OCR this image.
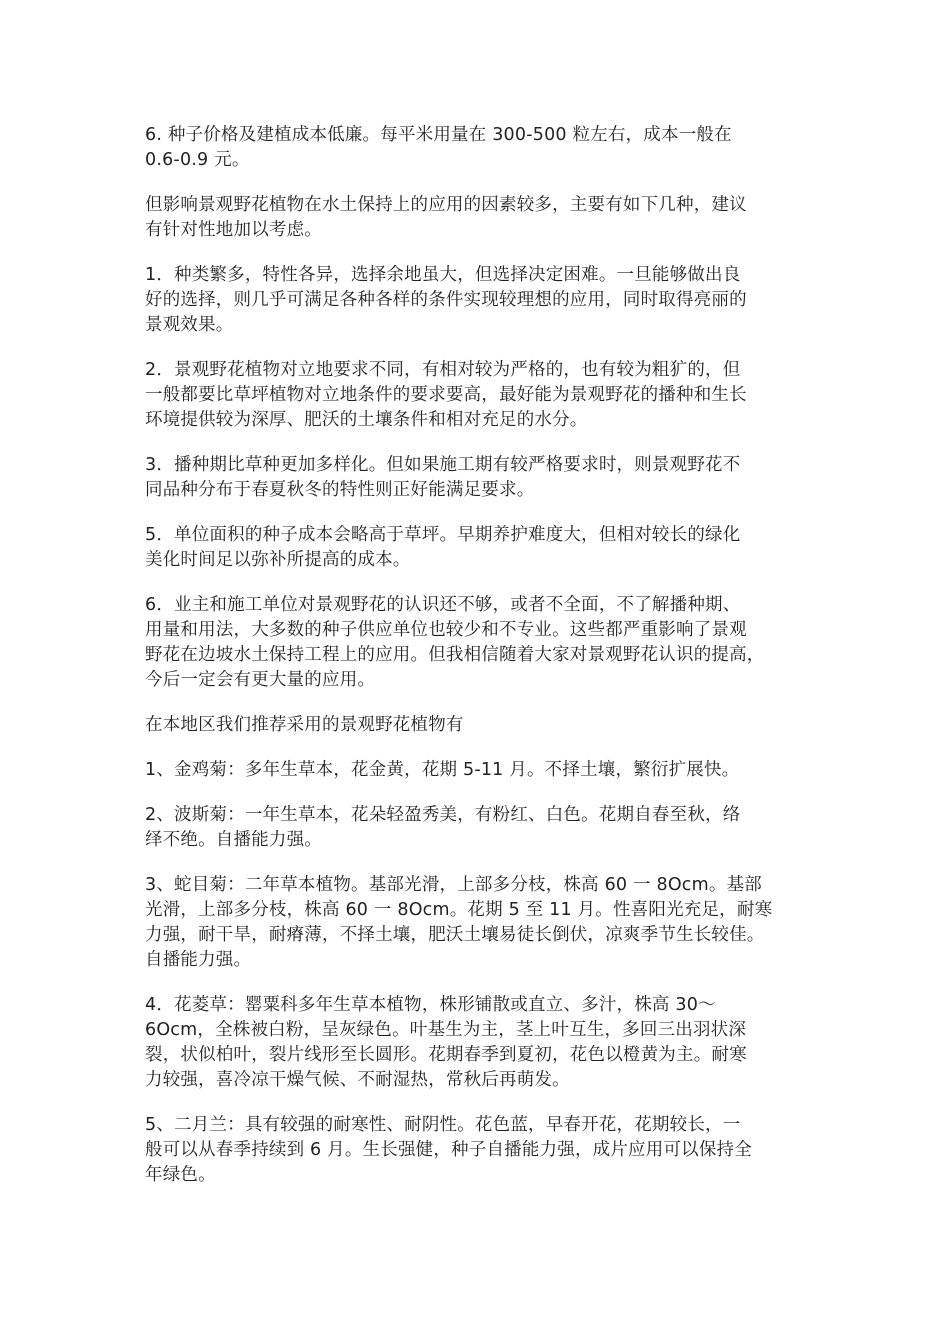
6. 种子价格及建植成本低廉。每平米用量在 300-500 粒左右，成本一般在
0.6-0.9 元。

但影响景观野花植物在水土保持上的应用的因素较多，主要有如下几种，建议
有针对性地加以考虑。

1．种类繁多，特性各异，选择余地虽大，但选择决定困难。一旦能够做出良
好的选择，则几乎可满足各种各样的条件实现较理想的应用，同时取得亮丽的
景观效果。

2．景观野花植物对立地要求不同，有相对较为严格的，也有较为粗犷的，但
一般都要比草坪植物对立地条件的要求要高，最好能为景观野花的播种和生长
环境提供较为深厚、肥沃的土壤条件和相对充足的水分。

3．播种期比草种更加多样化。但如果施工期有较严格要求时，则景观野花不
同品种分布于春夏秋冬的特性则正好能满足要求。

5．单位面积的种子成本会略高于草坪。早期养护难度大，但相对较长的绿化
美化时间足以弥补所提高的成本。

6．业主和施工单位对景观野花的认识还不够，或者不全面，不了解播种期、
用量和用法，大多数的种子供应单位也较少和不专业。这些都严重影响了景观
野花在边坡水土保持工程上的应用。但我相信随着大家对景观野花认识的提高，
今后一定会有更大量的应用。

在本地区我们推荐采用的景观野花植物有

1、金鸡菊：多年生草本，花金黄，花期 5-11 月。不择土壤，繁衍扩展快。

2、波斯菊：一年生草本，花朵轻盈秀美，有粉红、白色。花期自春至秋，络
绎不绝。自播能力强。

3、蛇目菊：二年草本植物。基部光滑，上部多分枝，株高 60 一 8Ocm。基部
光滑，上部多分枝，株高 60 一 8Ocm。花期 5 至 11 月。性喜阳光充足，耐寒
力强，耐干旱，耐瘠薄，不择土壤，肥沃土壤易徒长倒伏，凉爽季节生长较佳。
自播能力强。

4．花菱草：罂粟科多年生草本植物，株形铺散或直立、多汁，株高 30～
6Ocm，全株被白粉，呈灰绿色。叶基生为主，茎上叶互生，多回三出羽状深
裂，状似柏叶，裂片线形至长圆形。花期春季到夏初，花色以橙黄为主。耐寒
力较强，喜冷凉干燥气候、不耐湿热，常秋后再萌发。

5、二月兰：具有较强的耐寒性、耐阴性。花色蓝，早春开花，花期较长，一
般可以从春季持续到 6 月。生长强健，种子自播能力强，成片应用可以保持全
年绿色。
